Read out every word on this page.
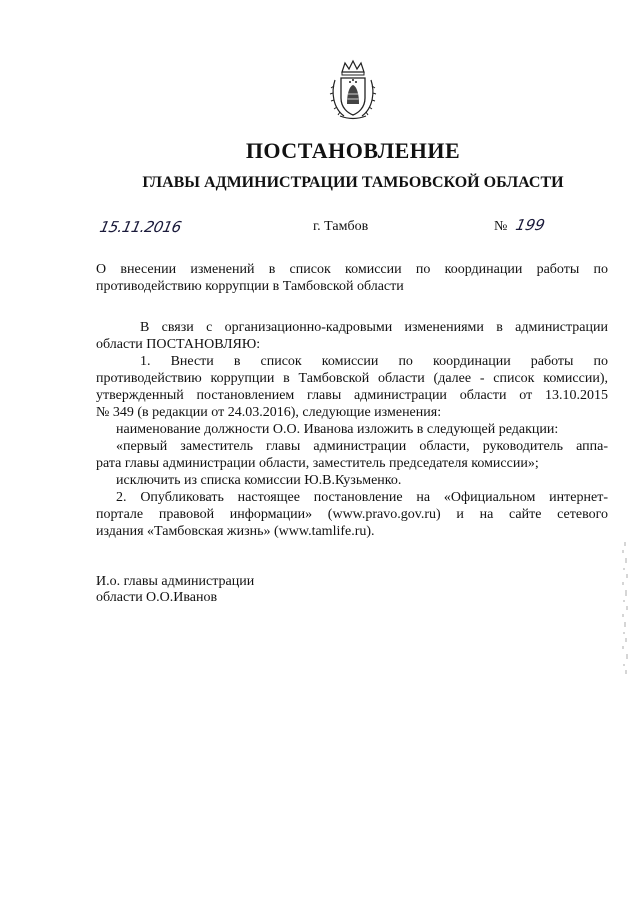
ПОСТАНОВЛЕНИЕ
ГЛАВЫ АДМИНИСТРАЦИИ ТАМБОВСКОЙ ОБЛАСТИ
15.11.2016	г. Тамбов	№ 199
О внесении изменений в список комиссии по координации работы по
противодействию коррупции в Тамбовской области
В связи с организационно-кадровыми изменениями в администрации
области ПОСТАНОВЛЯЮ:
1. Внести в список комиссии по координации работы по
противодействию коррупции в Тамбовской области (далее - список комиссии),
утвержденный постановлением главы администрации области от 13.10.2015
№ 349 (в редакции от 24.03.2016), следующие изменения:
наименование должности О.О. Иванова изложить в следующей редакции:
«первый заместитель главы администрации области, руководитель аппа-
рата главы администрации области, заместитель председателя комиссии»;
исключить из списка комиссии Ю.В.Кузьменко.
2. Опубликовать настоящее постановление на «Официальном интернет-
портале правовой информации» (www.pravo.gov.ru) и на сайте сетевого
издания «Тамбовская жизнь» (www.tamlife.ru).
И.о. главы администрации
области О.О.Иванов
